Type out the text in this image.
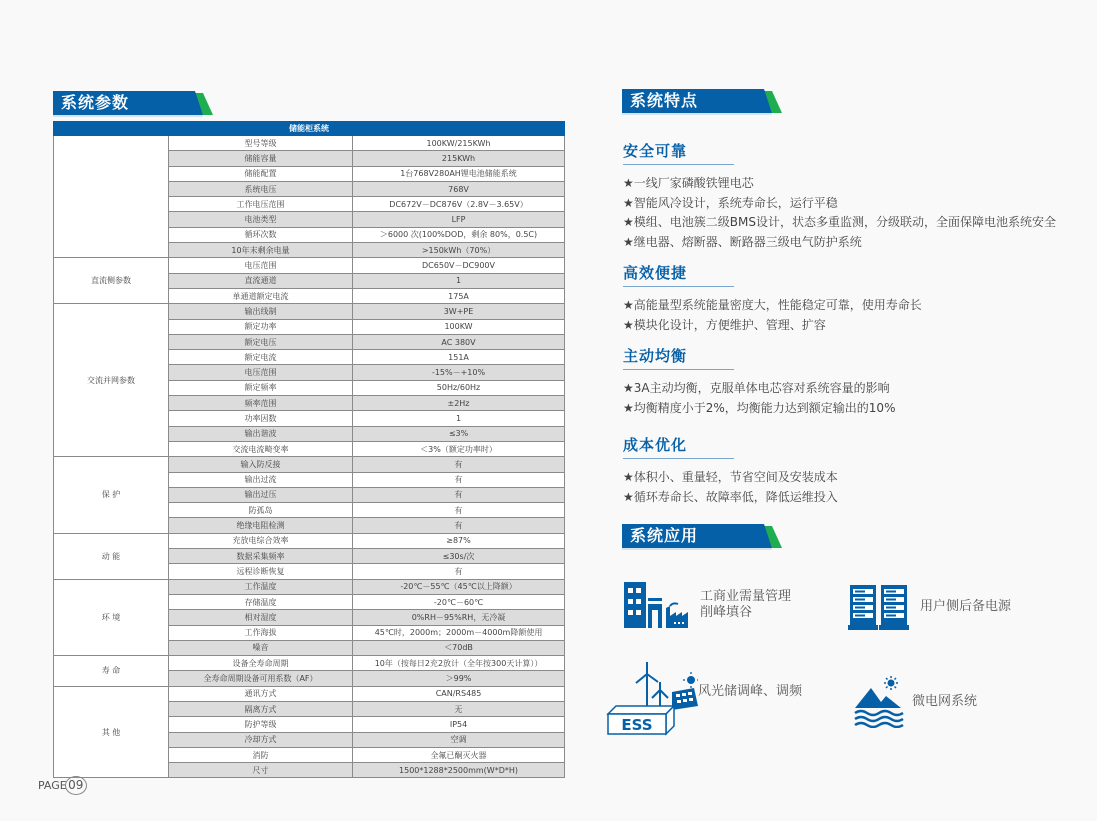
系统参数
储能柜系统		
	型号等级	100KW/215KWh
	储能容量	215KWh
	储能配置	1台768V280AH锂电池储能系统
	系统电压	768V
	工作电压范围	DC672V－DC876V（2.8V－3.65V）
	电池类型	LFP
	循环次数	＞6000 次(100%DOD，剩余 80%，0.5C)
	10年末剩余电量	>150kWh（70%）
直流侧参数	电压范围	DC650V－DC900V
	直流通道	1
	单通道额定电流	175A
交流并网参数	输出线制	3W+PE
	额定功率	100KW
	额定电压	AC 380V
	额定电流	151A
	电压范围	-15%－+10%
	额定频率	50Hz/60Hz
	频率范围	±2Hz
	功率因数	1
	输出谐波	≤3%
	交流电流畸变率	＜3%（额定功率时）
保 护	输入防反接	有
	输出过流	有
	输出过压	有
	防孤岛	有
	绝缘电阻检测	有
动 能	充放电综合效率	≥87%
	数据采集频率	≤30s/次
	远程诊断恢复	有
环 境	工作温度	-20℃－55℃（45℃以上降额）
	存储温度	-20℃－60℃
	相对湿度	0%RH－95%RH，无冷凝
	工作海拔	45℃时，2000m；2000m－4000m降额使用
	噪音	＜70dB
寿 命	设备全寿命周期	10年（按每日2充2放计（全年按300天计算））
	全寿命周期设备可用系数（AF）	＞99%
其 他	通讯方式	CAN/RS485
	隔离方式	无
	防护等级	IP54
	冷却方式	空调
	消防	全氟已酮灭火器
	尺寸	1500*1288*2500mm(W*D*H)
PAGE09
系统特点
安全可靠
★一线厂家磷酸铁锂电芯
★智能风冷设计，系统寿命长，运行平稳
★模组、电池簇二级BMS设计，状态多重监测，分级联动，全面保障电池系统安全
★继电器、熔断器、断路器三级电气防护系统
高效便捷
★高能量型系统能量密度大，性能稳定可靠，使用寿命长
★模块化设计，方便维护、管理、扩容
主动均衡
★3A主动均衡，克服单体电芯容对系统容量的影响
★均衡精度小于2%，均衡能力达到额定输出的10%
成本优化
★体积小、重量轻，节省空间及安装成本
★循环寿命长、故障率低，降低运维投入
系统应用
工商业需量管理
削峰填谷	用户侧后备电源
ESS
风光储调峰、调频
微电网系统
